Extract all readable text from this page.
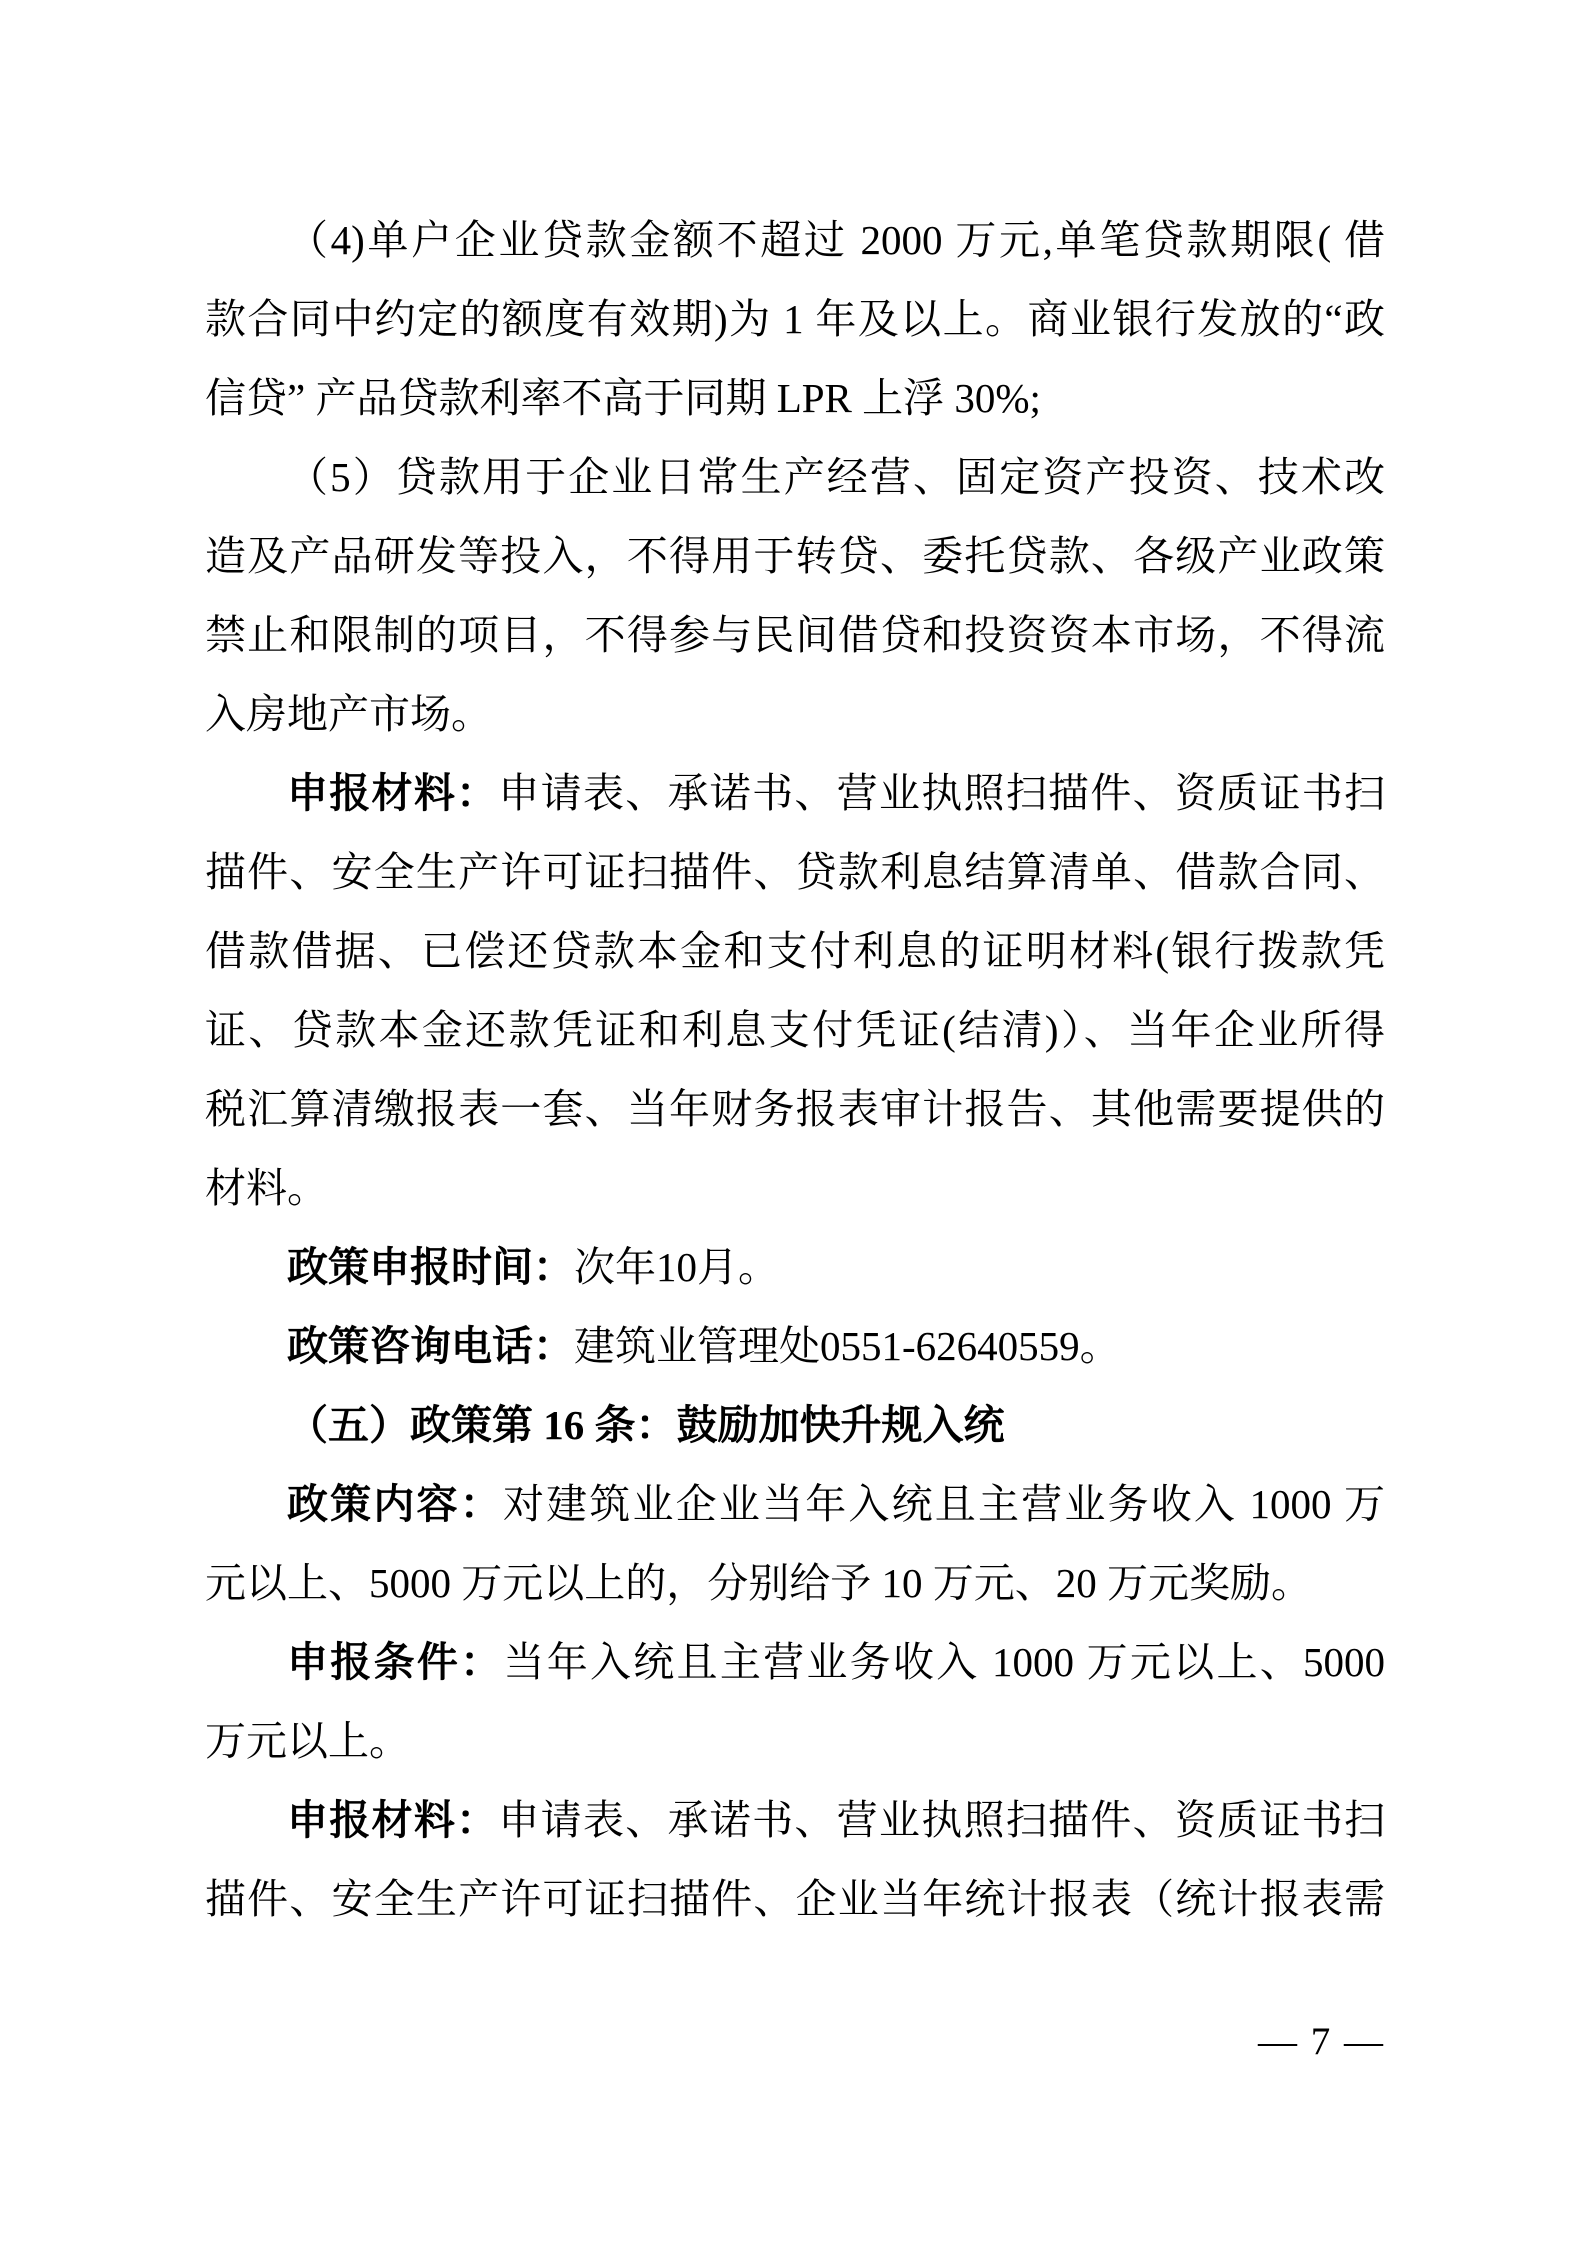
（4)单户企业贷款金额不超过 2000 万元,单笔贷款期限( 借
款合同中约定的额度有效期)为 1 年及以上。商业银行发放的“政
信贷” 产品贷款利率不高于同期 LPR 上浮 30%;
（5）贷款用于企业日常生产经营、固定资产投资、技术改
造及产品研发等投入，不得用于转贷、委托贷款、各级产业政策
禁止和限制的项目，不得参与民间借贷和投资资本市场，不得流
入房地产市场。
申报材料：申请表、承诺书、营业执照扫描件、资质证书扫
描件、安全生产许可证扫描件、贷款利息结算清单、借款合同、
借款借据、已偿还贷款本金和支付利息的证明材料(银行拨款凭
证、贷款本金还款凭证和利息支付凭证(结清)）、当年企业所得
税汇算清缴报表一套、当年财务报表审计报告、其他需要提供的
材料。
政策申报时间：次年10月。
政策咨询电话：建筑业管理处0551-62640559。
（五）政策第 16 条：鼓励加快升规入统
政策内容：对建筑业企业当年入统且主营业务收入 1000 万
元以上、5000 万元以上的，分别给予 10 万元、20 万元奖励。
申报条件：当年入统且主营业务收入 1000 万元以上、5000
万元以上。
申报材料：申请表、承诺书、营业执照扫描件、资质证书扫
描件、安全生产许可证扫描件、企业当年统计报表（统计报表需
— 7 —
